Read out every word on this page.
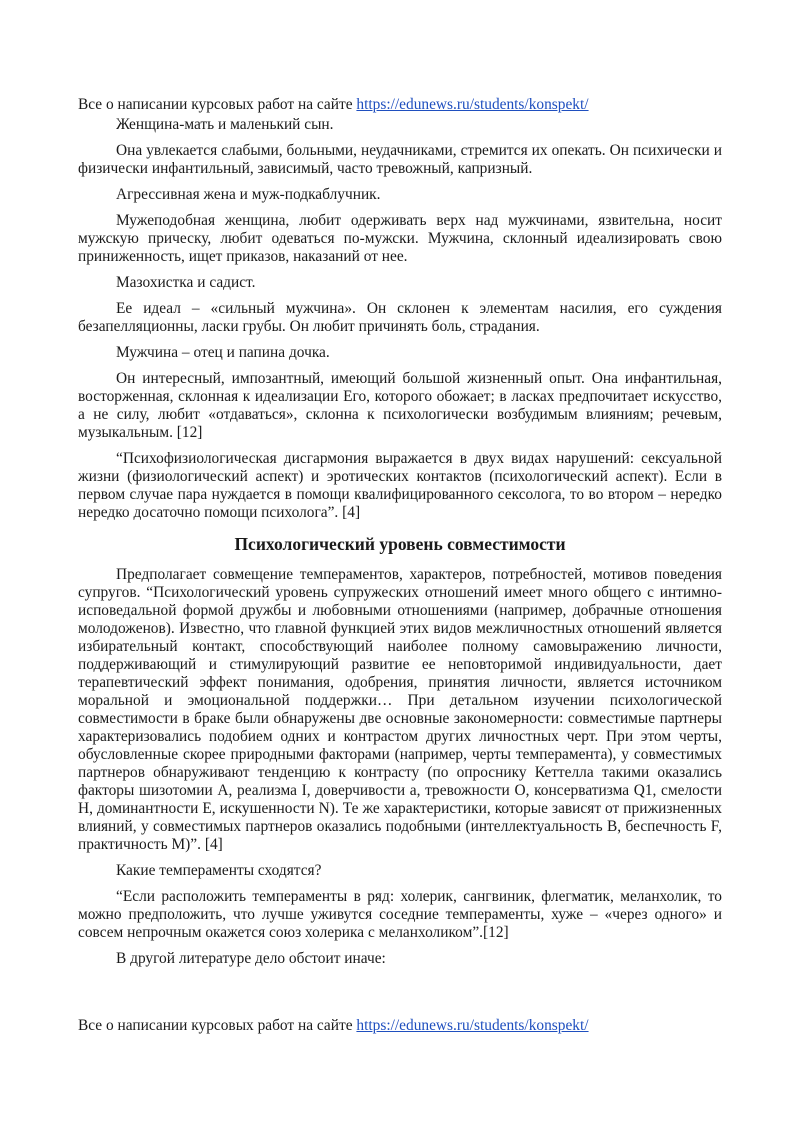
Все о написании курсовых работ на сайте https://edunews.ru/students/konspekt/

Женщина-мать и маленький сын.

Она увлекается слабыми, больными, неудачниками, стремится их опекать. Он психически и физически инфантильный, зависимый, часто тревожный, капризный.

Агрессивная жена и муж-подкаблучник.

Мужеподобная женщина, любит одерживать верх над мужчинами, язвительна, носит мужскую прическу, любит одеваться по-мужски. Мужчина, склонный идеализировать свою приниженность, ищет приказов, наказаний от нее.

Мазохистка и садист.

Ее идеал – «сильный мужчина». Он склонен к элементам насилия, его суждения безапелляционны, ласки грубы. Он любит причинять боль, страдания.

Мужчина – отец и папина дочка.

Он интересный, импозантный, имеющий большой жизненный опыт. Она инфантильная, восторженная, склонная к идеализации Его, которого обожает; в ласках предпочитает искусство, а не силу, любит «отдаваться», склонна к психологически возбудимым влияниям; речевым, музыкальным. [12]

“Психофизиологическая дисгармония выражается в двух видах нарушений: сексуальной жизни (физиологический аспект) и эротических контактов (психологический аспект). Если в первом случае пара нуждается в помощи квалифицированного сексолога, то во втором – нередко нередко досаточно помощи психолога”. [4]

Психологический уровень совместимости

Предполагает совмещение темпераментов, характеров, потребностей, мотивов поведения супругов. “Психологический уровень супружеских отношений имеет много общего с интимно-исповедальной формой дружбы и любовными отношениями (например, добрачные отношения молодоженов). Известно, что главной функцией этих видов межличностных отношений является избирательный контакт, способствующий наиболее полному самовыражению личности, поддерживающий и стимулирующий развитие ее неповторимой индивидуальности, дает терапевтический эффект понимания, одобрения, принятия личности, является источником моральной и эмоциональной поддержки… При детальном изучении психологической совместимости в браке были обнаружены две основные закономерности: совместимые партнеры характеризовались подобием одних и контрастом других личностных черт. При этом черты, обусловленные скорее природными факторами (например, черты темперамента), у совместимых партнеров обнаруживают тенденцию к контрасту (по опроснику Кеттелла такими оказались факторы шизотомии A, реализма I, доверчивости a, тревожности O, консерватизма Q1, смелости H, доминантности E, искушенности N). Те же характеристики, которые зависят от прижизненных влияний, у совместимых партнеров оказались подобными (интеллектуальность B, беспечность F, практичность M)”. [4]

Какие темпераменты сходятся?

“Если расположить темпераменты в ряд: холерик, сангвиник, флегматик, меланхолик, то можно предположить, что лучше уживутся соседние темпераменты, хуже – «через одного» и совсем непрочным окажется союз холерика с меланхоликом”.[12]

В другой литературе дело обстоит иначе:

Все о написании курсовых работ на сайте https://edunews.ru/students/konspekt/
